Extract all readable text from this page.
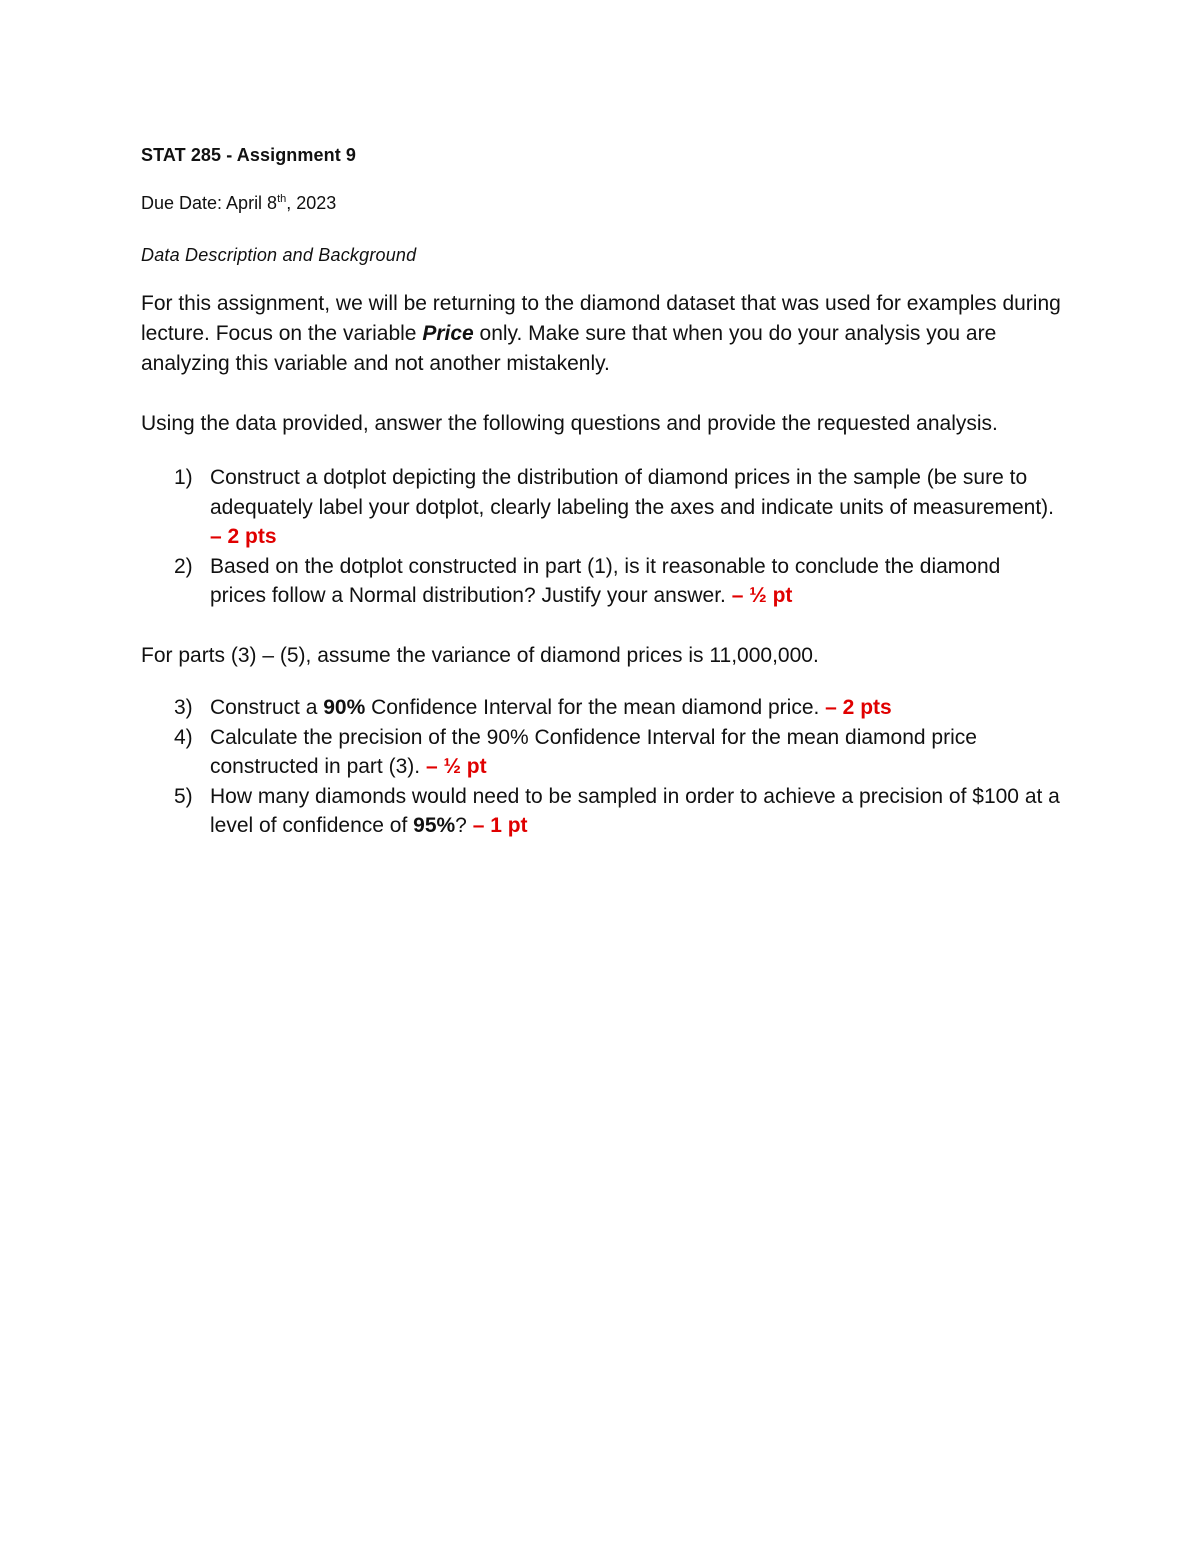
STAT 285 - Assignment 9

Due Date: April 8th, 2023

Data Description and Background

For this assignment, we will be returning to the diamond dataset that was used for examples during lecture. Focus on the variable Price only. Make sure that when you do your analysis you are analyzing this variable and not another mistakenly.

Using the data provided, answer the following questions and provide the requested analysis.

1) Construct a dotplot depicting the distribution of diamond prices in the sample (be sure to adequately label your dotplot, clearly labeling the axes and indicate units of measurement). – 2 pts
2) Based on the dotplot constructed in part (1), is it reasonable to conclude the diamond prices follow a Normal distribution? Justify your answer. – ½ pt

For parts (3) – (5), assume the variance of diamond prices is 11,000,000.

3) Construct a 90% Confidence Interval for the mean diamond price. – 2 pts
4) Calculate the precision of the 90% Confidence Interval for the mean diamond price constructed in part (3). – ½ pt
5) How many diamonds would need to be sampled in order to achieve a precision of $100 at a level of confidence of 95%? – 1 pt
